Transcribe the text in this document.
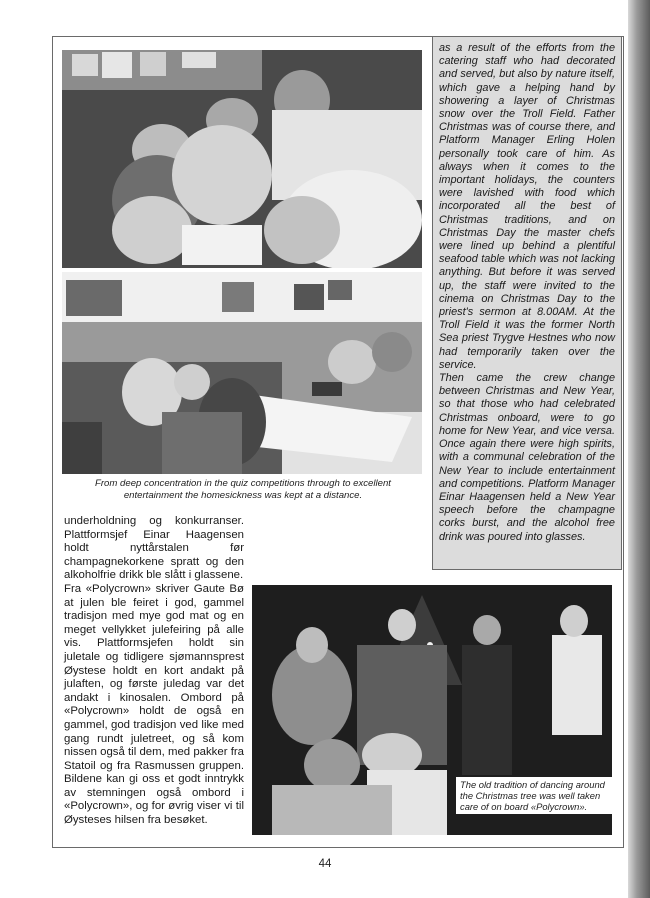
From deep concentration in the quiz competitions through to excellent entertainment the homesickness was kept at a distance.

as a result of the efforts from the catering staff who had decorated and served, but also by nature itself, which gave a helping hand by showering a layer of Christmas snow over the Troll Field. Father Christmas was of course there, and Platform Manager Erling Holen personally took care of him. As always when it comes to the important holidays, the counters were lavished with food which incorporated all the best of Christmas traditions, and on Christmas Day the master chefs were lined up behind a plentiful seafood table which was not lacking anything. But before it was served up, the staff were invited to the cinema on Christmas Day to the priest's sermon at 8.00AM. At the Troll Field it was the former North Sea priest Trygve Hestnes who now had temporarily taken over the service.

Then came the crew change between Christmas and New Year, so that those who had celebrated Christmas onboard, were to go home for New Year, and vice versa. Once again there were high spirits, with a communal celebration of the New Year to include entertainment and competitions. Platform Manager Einar Haagensen held a New Year speech before the champagne corks burst, and the alcohol free drink was poured into glasses.

underholdning og konkurranser. Plattformsjef Einar Haagensen holdt nyttårstalen før champagnekorkene spratt og den alkoholfrie drikk ble slått i glassene.

Fra «Polycrown» skriver Gaute Bø at julen ble feiret i god, gammel tradisjon med mye god mat og en meget vellykket julefeiring på alle vis. Plattformsjefen holdt sin juletale og tidligere sjømannsprest Øystese holdt en kort andakt på julaften, og første juledag var det andakt i kinosalen. Ombord på «Polycrown» holdt de også en gammel, god tradisjon ved like med gang rundt juletreet, og så kom nissen også til dem, med pakker fra Statoil og fra Rasmussen gruppen. Bildene kan gi oss et godt inntrykk av stemningen også ombord i «Polycrown», og for øvrig viser vi til Øysteses hilsen fra besøket.

The old tradition of dancing around the Christmas tree was well taken care of on board «Polycrown».
44
